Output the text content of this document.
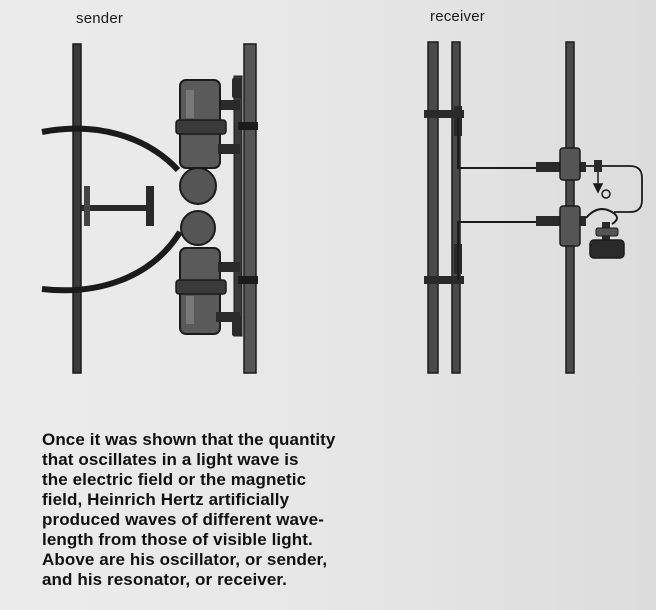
sender	receiver
Once it was shown that the quantity
that oscillates in a light wave is
the electric field or the magnetic
field, Heinrich Hertz artificially
produced waves of different wave-
length from those of visible light.
Above are his oscillator, or sender,
and his resonator, or receiver.
